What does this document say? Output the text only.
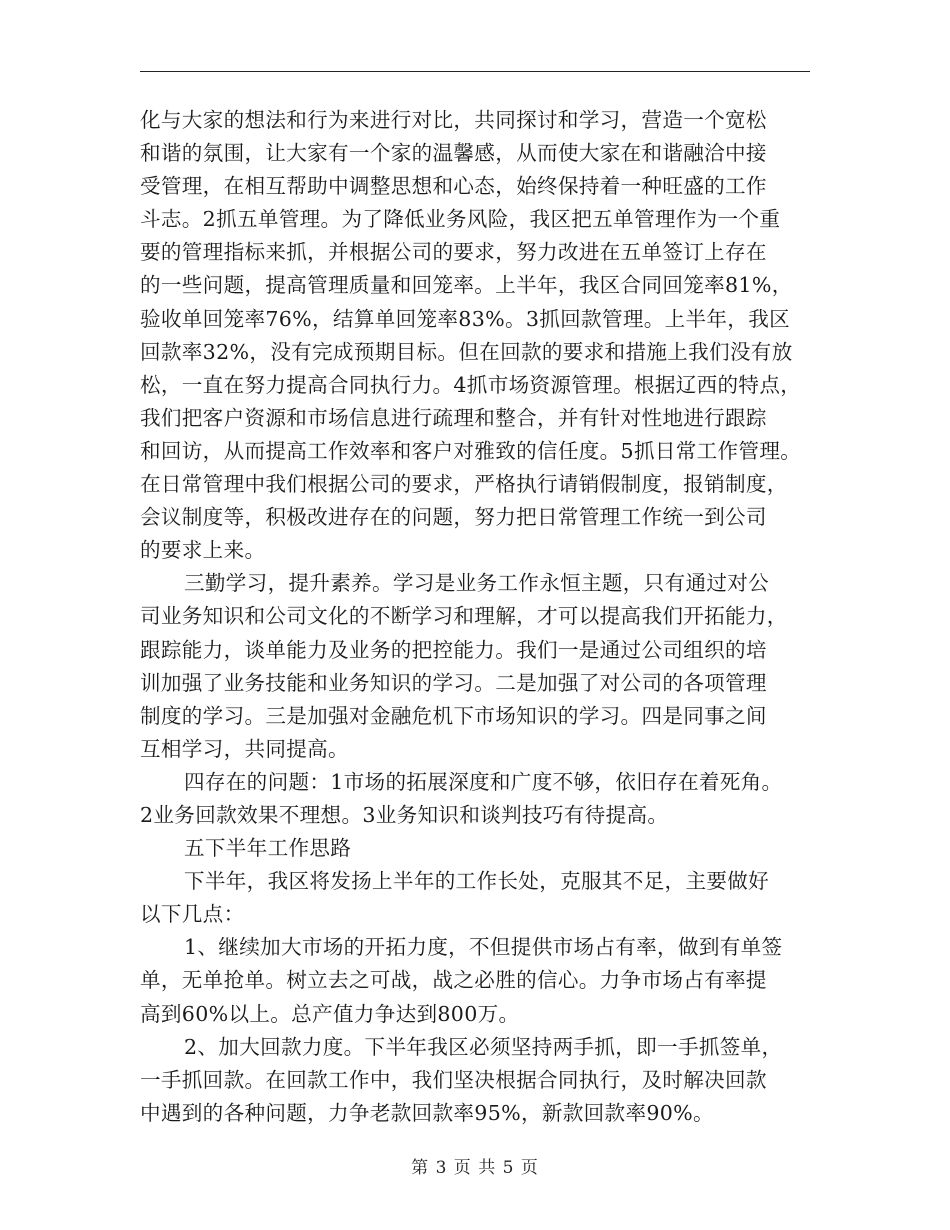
化与大家的想法和行为来进行对比，共同探讨和学习，营造一个宽松
和谐的氛围，让大家有一个家的温馨感，从而使大家在和谐融洽中接
受管理，在相互帮助中调整思想和心态，始终保持着一种旺盛的工作
斗志。2抓五单管理。为了降低业务风险，我区把五单管理作为一个重
要的管理指标来抓，并根据公司的要求，努力改进在五单签订上存在
的一些问题，提高管理质量和回笼率。上半年，我区合同回笼率81%，
验收单回笼率76%，结算单回笼率83%。3抓回款管理。上半年，我区
回款率32%，没有完成预期目标。但在回款的要求和措施上我们没有放
松，一直在努力提高合同执行力。4抓市场资源管理。根据辽西的特点，
我们把客户资源和市场信息进行疏理和整合，并有针对性地进行跟踪
和回访，从而提高工作效率和客户对雅致的信任度。5抓日常工作管理。
在日常管理中我们根据公司的要求，严格执行请销假制度，报销制度，
会议制度等，积极改进存在的问题，努力把日常管理工作统一到公司
的要求上来。
三勤学习，提升素养。学习是业务工作永恒主题，只有通过对公
司业务知识和公司文化的不断学习和理解，才可以提高我们开拓能力，
跟踪能力，谈单能力及业务的把控能力。我们一是通过公司组织的培
训加强了业务技能和业务知识的学习。二是加强了对公司的各项管理
制度的学习。三是加强对金融危机下市场知识的学习。四是同事之间
互相学习，共同提高。
四存在的问题：1市场的拓展深度和广度不够，依旧存在着死角。
2业务回款效果不理想。3业务知识和谈判技巧有待提高。
五下半年工作思路
下半年，我区将发扬上半年的工作长处，克服其不足，主要做好
以下几点：
1、继续加大市场的开拓力度，不但提供市场占有率，做到有单签
单，无单抢单。树立去之可战，战之必胜的信心。力争市场占有率提
高到60%以上。总产值力争达到800万。
2、加大回款力度。下半年我区必须坚持两手抓，即一手抓签单，
一手抓回款。在回款工作中，我们坚决根据合同执行，及时解决回款
中遇到的各种问题，力争老款回款率95%，新款回款率90%。
第 3 页 共 5 页
